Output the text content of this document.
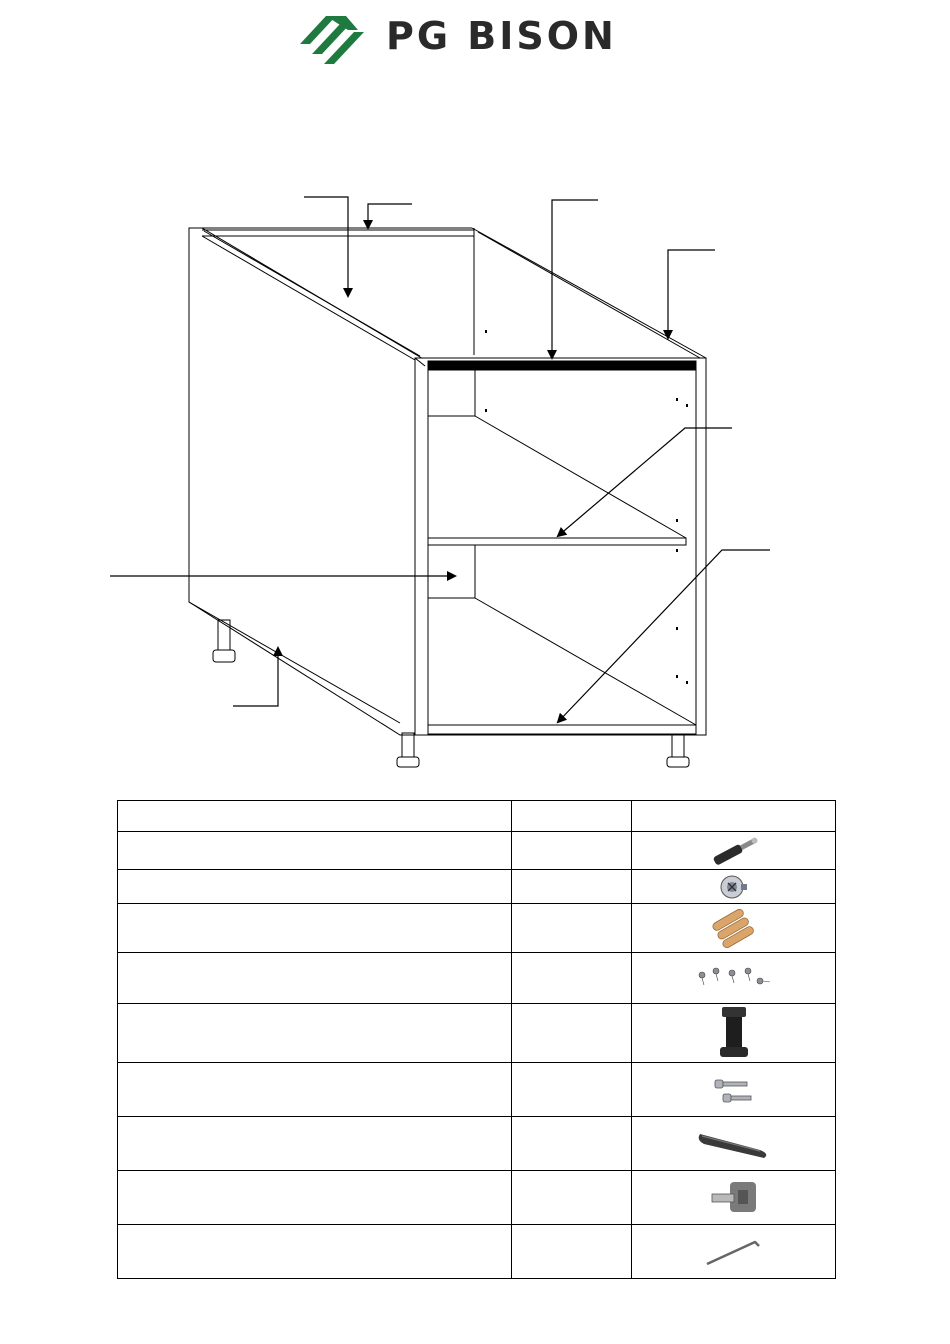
PG BISON
